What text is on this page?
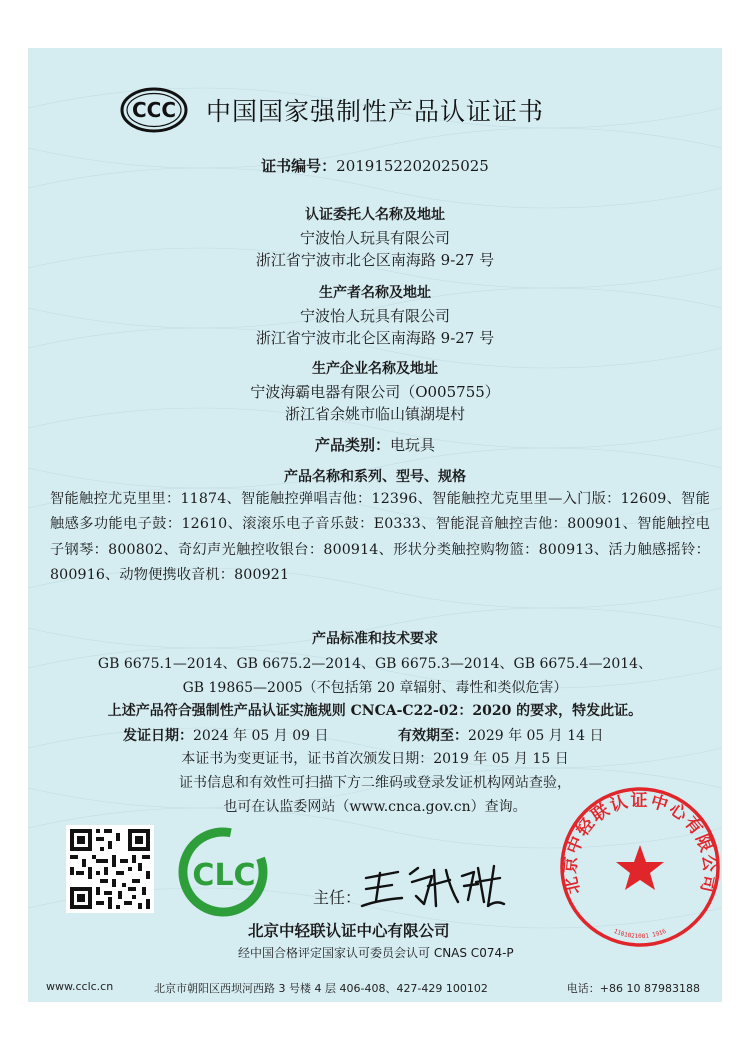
CCC 中国国家强制性产品认证证书
证书编号：2019152202025025
认证委托人名称及地址
宁波怡人玩具有限公司
浙江省宁波市北仑区南海路 9-27 号
生产者名称及地址
宁波怡人玩具有限公司
浙江省宁波市北仑区南海路 9-27 号
生产企业名称及地址
宁波海霸电器有限公司（O005755）
浙江省余姚市临山镇湖堤村
产品类别：电玩具
产品名称和系列、型号、规格
智能触控尤克里里：11874、智能触控弹唱吉他：12396、智能触控尤克里里—入门版：12609、智能触感多功能电子鼓：12610、滚滚乐电子音乐鼓：E0333、智能混音触控吉他：800901、智能触控电子钢琴：800802、奇幻声光触控收银台：800914、形状分类触控购物篮：800913、活力触感摇铃：800916、动物便携收音机：800921
产品标准和技术要求
GB 6675.1—2014、GB 6675.2—2014、GB 6675.3—2014、GB 6675.4—2014、
GB 19865—2005（不包括第 20 章辐射、毒性和类似危害）
上述产品符合强制性产品认证实施规则 CNCA-C22-02：2020 的要求，特发此证。
发证日期：2024 年 05 月 09 日	有效期至：2029 年 05 月 14 日
本证书为变更证书，证书首次颁发日期：2019 年 05 月 15 日
证书信息和有效性可扫描下方二维码或登录发证机构网站查验，
也可在认监委网站（www.cnca.gov.cn）查询。
CLC
主任：
北京中轻联认证中心有限公司
1101021001 1916
北京中轻联认证中心有限公司
经中国合格评定国家认可委员会认可 CNAS C074-P
www.cclc.cn	北京市朝阳区西坝河西路 3 号楼 4 层 406-408、427-429 100102	电话：+86 10 87983188
